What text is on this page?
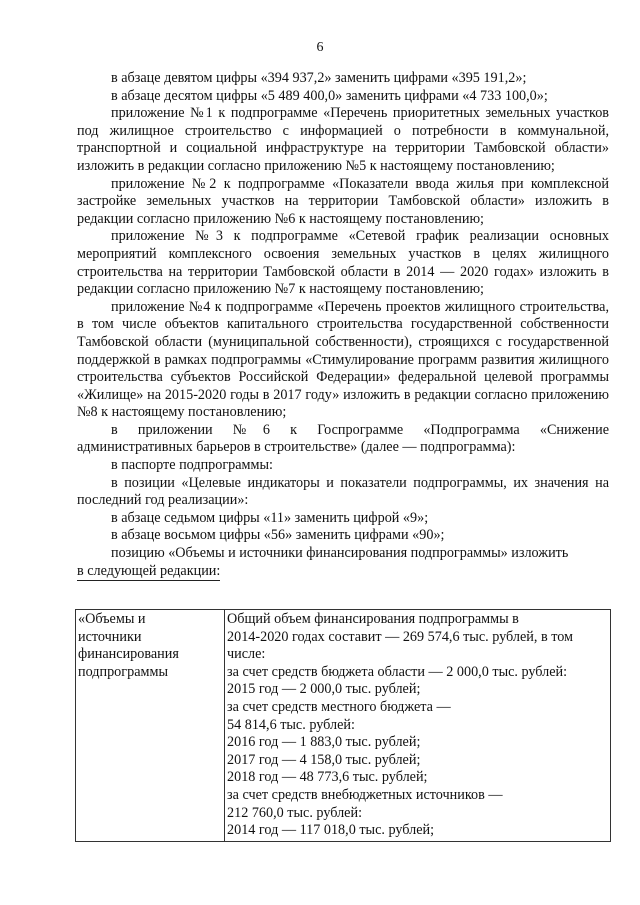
6

в абзаце девятом цифры «394 937,2» заменить цифрами «395 191,2»;

в абзаце десятом цифры «5 489 400,0» заменить цифрами «4 733 100,0»;

приложение №1 к подпрограмме «Перечень приоритетных земельных участков под жилищное строительство с информацией о потребности в коммунальной, транспортной и социальной инфраструктуре на территории Тамбовской области» изложить в редакции согласно приложению №5 к настоящему постановлению;

приложение №2 к подпрограмме «Показатели ввода жилья при комплексной застройке земельных участков на территории Тамбовской области» изложить в редакции согласно приложению №6 к настоящему постановлению;

приложение №3 к подпрограмме «Сетевой график реализации основных мероприятий комплексного освоения земельных участков в целях жилищного строительства на территории Тамбовской области в 2014 — 2020 годах» изложить в редакции согласно приложению №7 к настоящему постановлению;

приложение №4 к подпрограмме «Перечень проектов жилищного строительства, в том числе объектов капитального строительства государственной собственности Тамбовской области (муниципальной собственности), строящихся с государственной поддержкой в рамках подпрограммы «Стимулирование программ развития жилищного строительства субъектов Российской Федерации» федеральной целевой программы «Жилище» на 2015-2020 годы в 2017 году» изложить в редакции согласно приложению №8 к настоящему постановлению;

в приложении №6 к Госпрограмме «Подпрограмма «Снижение административных барьеров в строительстве» (далее — подпрограмма):

в паспорте подпрограммы:

в позиции «Целевые индикаторы и показатели подпрограммы, их значения на последний год реализации»:

в абзаце седьмом цифры «11» заменить цифрой «9»;

в абзаце восьмом цифры «56» заменить цифрами «90»;

позицию «Объемы и источники финансирования подпрограммы» изложить

в следующей редакции:

«Объемы и
источники
финансирования
подпрограммы

Общий объем финансирования подпрограммы в
2014-2020 годах составит — 269 574,6 тыс. рублей, в том
числе:
за счет средств бюджета области — 2 000,0 тыс. рублей:
2015 год — 2 000,0 тыс. рублей;
за счет средств местного бюджета —
54 814,6 тыс. рублей:
2016 год — 1 883,0 тыс. рублей;
2017 год — 4 158,0 тыс. рублей;
2018 год — 48 773,6 тыс. рублей;
за счет средств внебюджетных источников —
212 760,0 тыс. рублей:
2014 год — 117 018,0 тыс. рублей;
